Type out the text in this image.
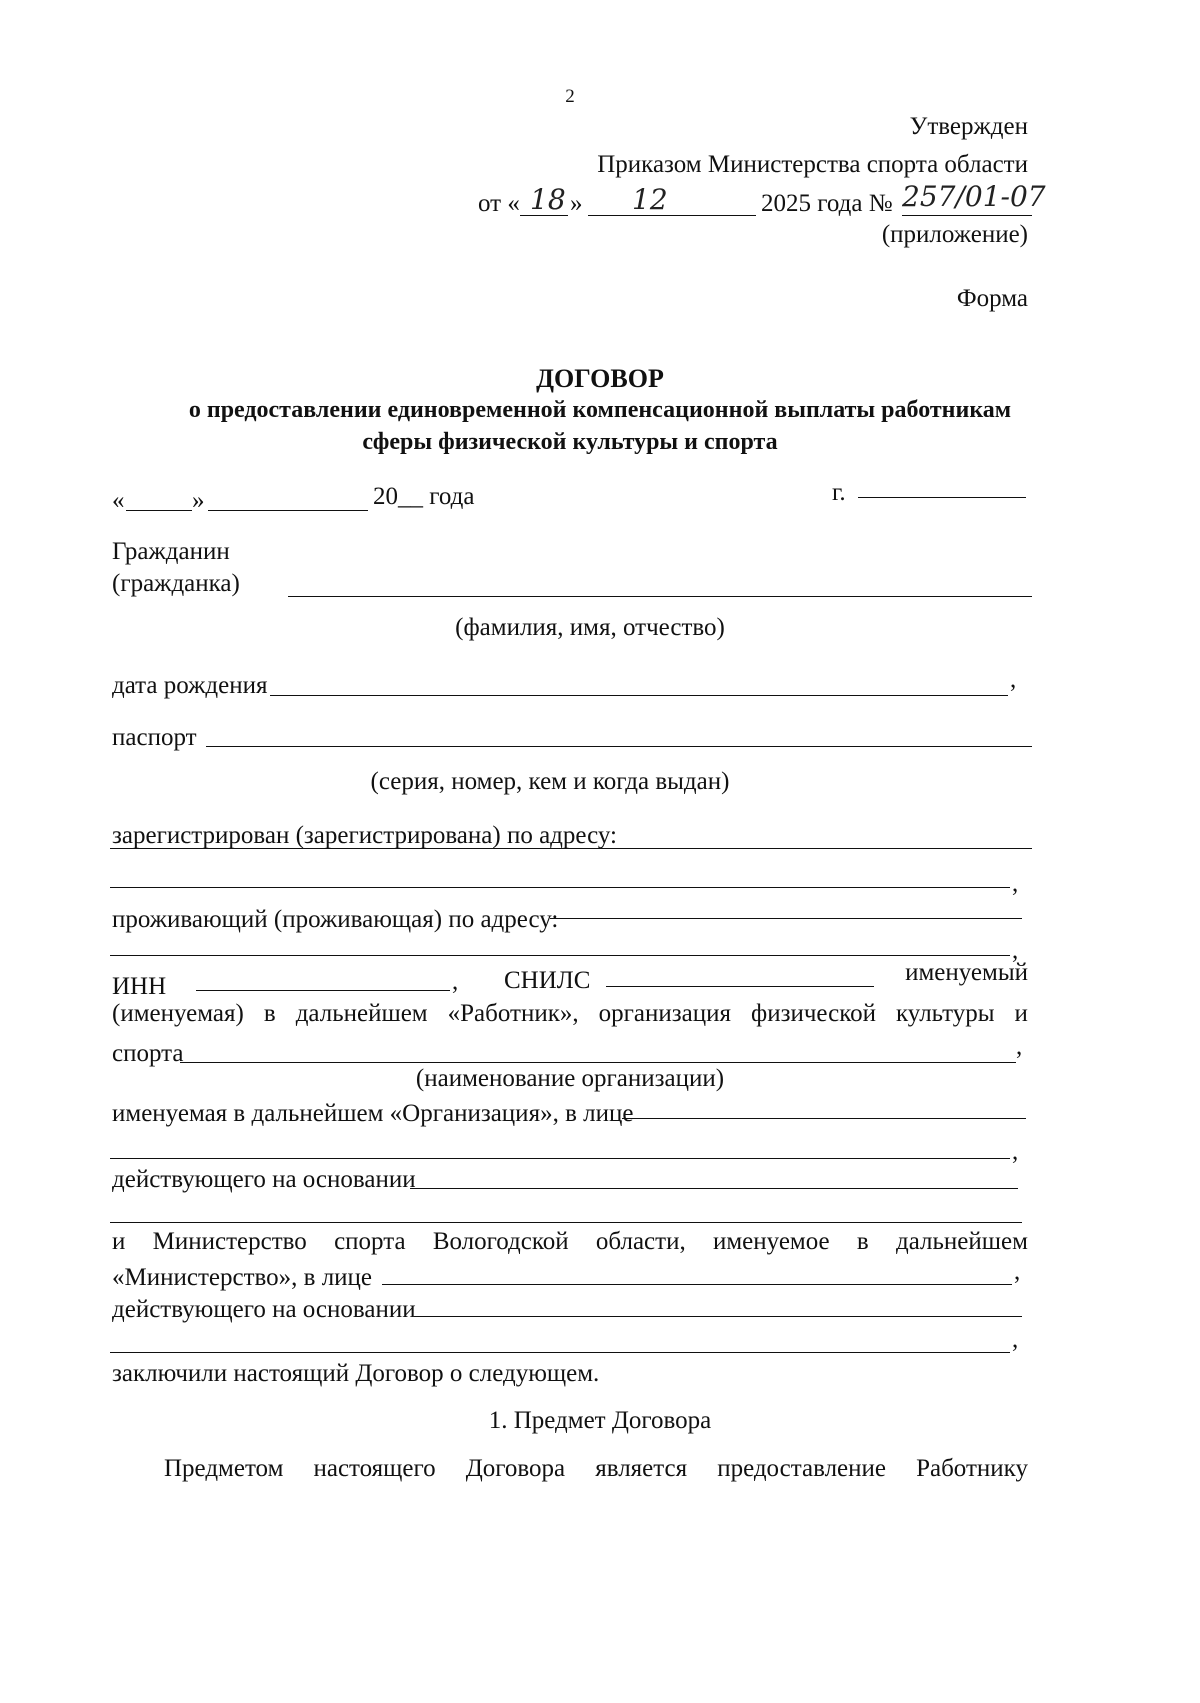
2
Утвержден
Приказом Министерства спорта области
от « 18 » 12	2025 года № 257/01-07
(приложение)
Форма
ДОГОВОР
о предоставлении единовременной компенсационной выплаты работникам
сферы физической культуры и спорта
«	»	20__ года	г.
Гражданин
(гражданка)
(фамилия, имя, отчество)
дата рождения	,
паспорт
(серия, номер, кем и когда выдан)
зарегистрирован (зарегистрирована) по адресу:
,
проживающий (проживающая) по адресу:
,
ИНН	, СНИЛС	именуемый
(именуемая) в дальнейшем «Работник», организация физической культуры и
спорта	,
(наименование организации)
именуемая в дальнейшем «Организация», в лице
,
действующего на основании
и Министерство спорта Вологодской области, именуемое в дальнейшем
«Министерство», в лице	,
действующего на основании
,
заключили настоящий Договор о следующем.
1. Предмет Договора
Предметом настоящего Договора является предоставление Работнику
